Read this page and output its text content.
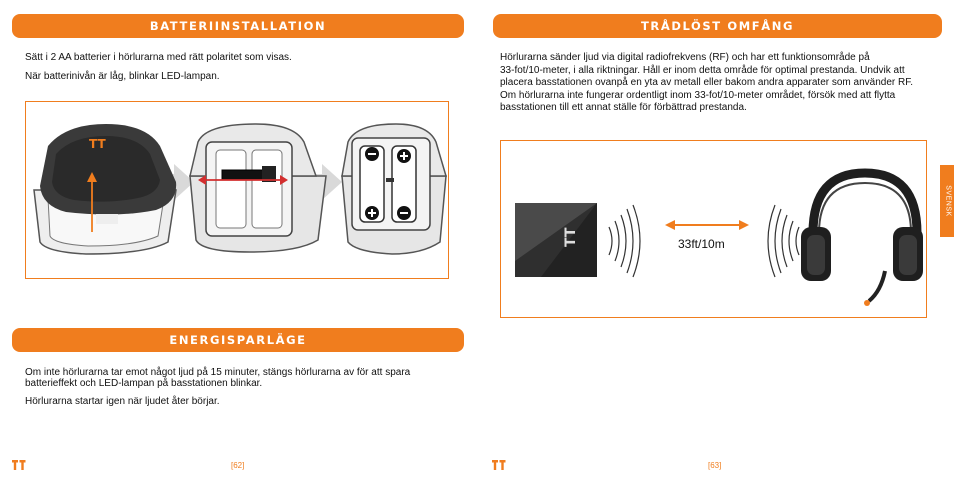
BATTERIINSTALLATION
Sätt i 2 AA batterier i hörlurarna med rätt polaritet som visas.
När batterinivån är låg, blinkar LED-lampan.
TT
ENERGISPARLÄGE
Om inte hörlurarna tar emot något ljud på 15 minuter, stängs hörlurarna av för att spara
batterieffekt och LED-lampan på basstationen blinkar.
Hörlurarna startar igen när ljudet åter börjar.
[62]
TRÅDLÖST OMFÅNG
Hörlurarna sänder ljud via digital radiofrekvens (RF) och har ett funktionsområde på
33-fot/10-meter, i alla riktningar. Håll er inom detta område för optimal prestanda. Undvik att
placera basstationen ovanpå en yta av metall eller bakom andra apparater som använder RF.
Om hörlurarna inte fungerar ordentligt inom 33-fot/10-meter området, försök med att flytta
basstationen till ett annat ställe för förbättrad prestanda.
TT	33ft/10m
[63]
SVENSK
